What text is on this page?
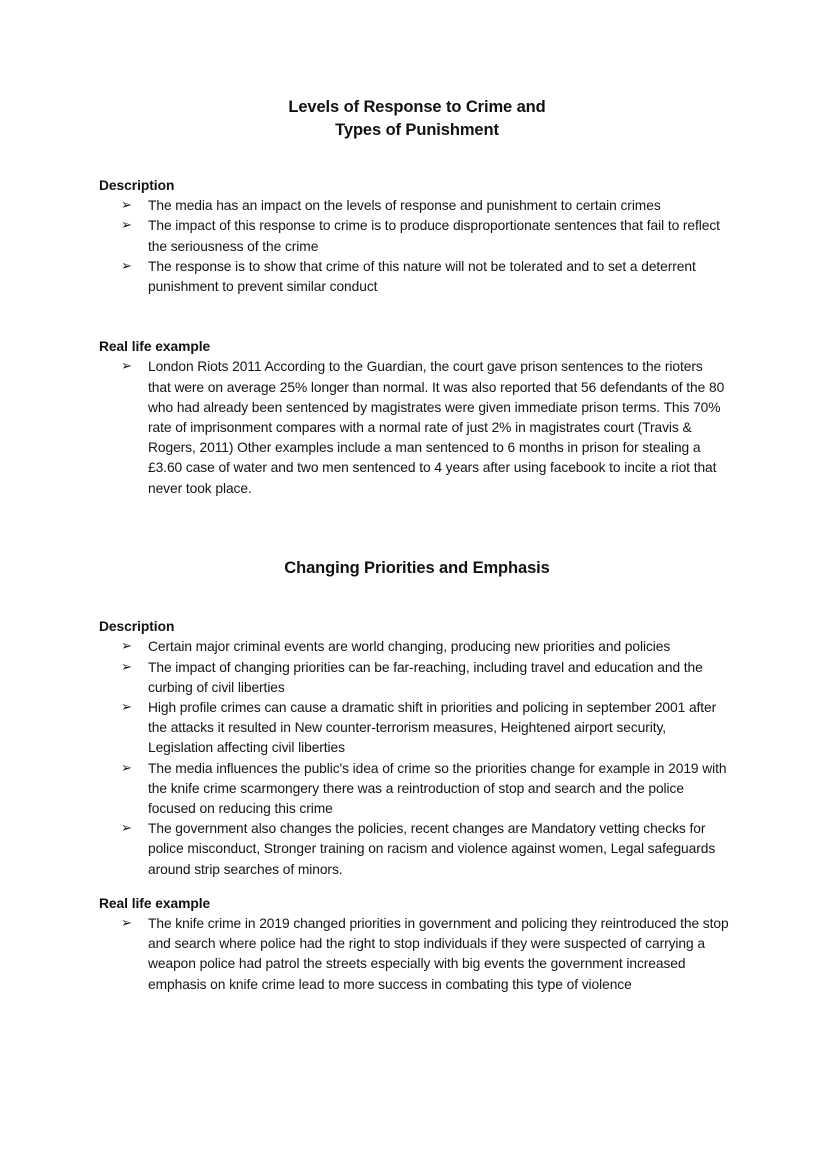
Levels of Response to Crime and
Types of Punishment
Description
➢ The media has an impact on the levels of response and punishment to certain crimes
➢ The impact of this response to crime is to produce disproportionate sentences that fail to reflect the seriousness of the crime
➢ The response is to show that crime of this nature will not be tolerated and to set a deterrent punishment to prevent similar conduct
Real life example
➢ London Riots 2011 According to the Guardian, the court gave prison sentences to the rioters that were on average 25% longer than normal. It was also reported that 56 defendants of the 80 who had already been sentenced by magistrates were given immediate prison terms. This 70% rate of imprisonment compares with a normal rate of just 2% in magistrates court (Travis & Rogers, 2011) Other examples include a man sentenced to 6 months in prison for stealing a £3.60 case of water and two men sentenced to 4 years after using facebook to incite a riot that never took place.
Changing Priorities and Emphasis
Description
➢ Certain major criminal events are world changing, producing new priorities and policies
➢ The impact of changing priorities can be far-reaching, including travel and education and the curbing of civil liberties
➢ High profile crimes can cause a dramatic shift in priorities and policing in september 2001 after the attacks it resulted in New counter-terrorism measures, Heightened airport security, Legislation affecting civil liberties
➢ The media influences the public's idea of crime so the priorities change for example in 2019 with the knife crime scarmongery there was a reintroduction of stop and search and the police focused on reducing this crime
➢ The government also changes the policies, recent changes are Mandatory vetting checks for police misconduct, Stronger training on racism and violence against women, Legal safeguards around strip searches of minors.
Real life example
➢ The knife crime in 2019 changed priorities in government and policing they reintroduced the stop and search where police had the right to stop individuals if they were suspected of carrying a weapon police had patrol the streets especially with big events the government increased emphasis on knife crime lead to more success in combating this type of violence
